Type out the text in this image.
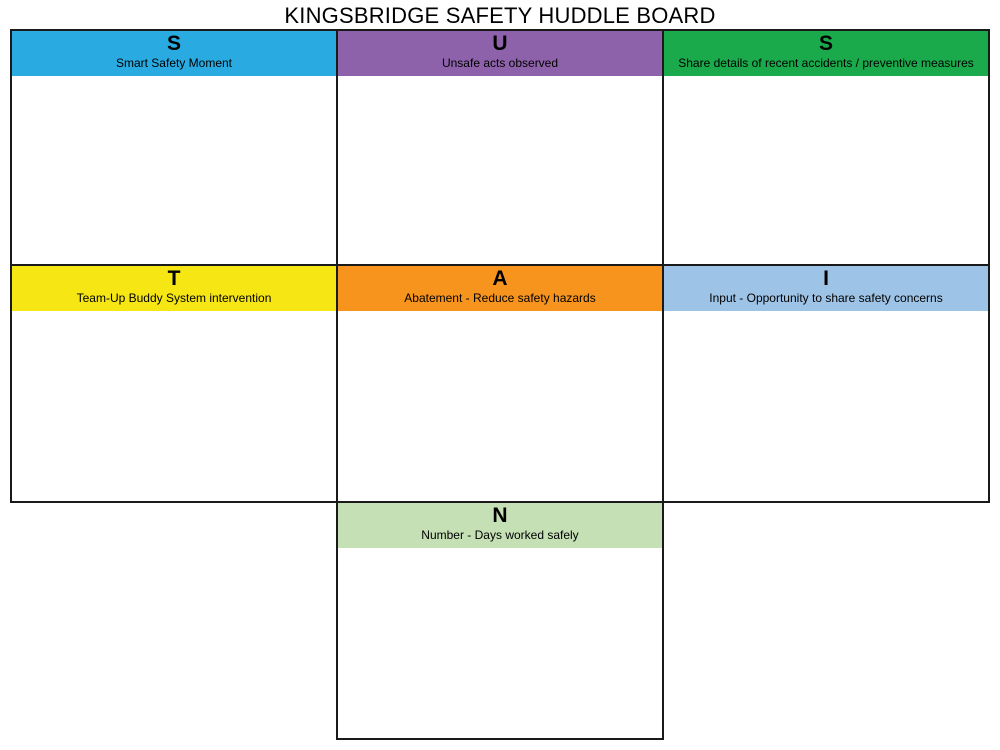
KINGSBRIDGE SAFETY HUDDLE BOARD
S
Smart Safety Moment
U
Unsafe acts observed
S
Share details of recent accidents / preventive measures
T
Team-Up Buddy System intervention
A
Abatement - Reduce safety hazards
I
Input - Opportunity to share safety concerns
N
Number - Days worked safely
